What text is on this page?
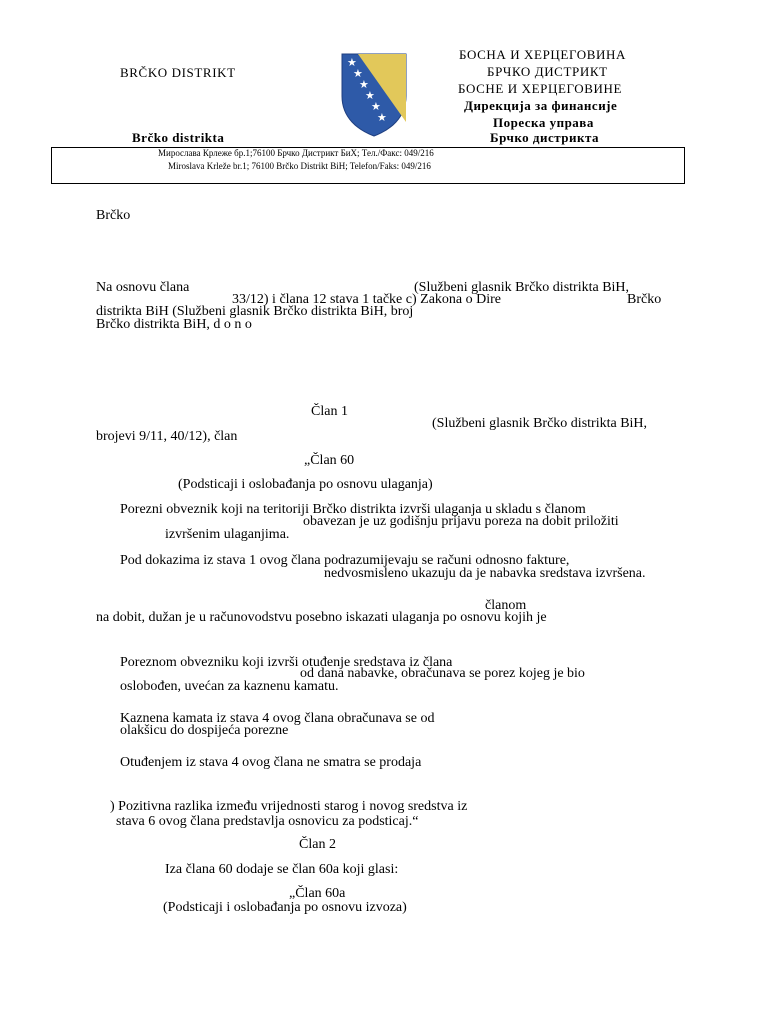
BRČKO DISTRIKT
Brčko distrikta
★
★
★
★
★
★
БОСНА И ХЕРЦЕГОВИНА
БРЧКО ДИСТРИКТ
БОСНЕ И ХЕРЦЕГОВИНЕ
Дирекција за финансије
Пореска управа
Брчко дистрикта
Мирослава Крлеже бр.1;76100 Брчко Дистрикт БиХ; Тел./Факс: 049/216
Miroslava Krleže br.1; 76100 Brčko Distrikt BiH; Telefon/Faks: 049/216
Brčko
Na osnovu člana	(Službeni glasnik Brčko distrikta BiH,
33/12) i člana 12 stava 1 tačke c) Zakona o Dire	Brčko
distrikta BiH (Službeni glasnik Brčko distrikta BiH, broj
Brčko distrikta BiH, d o n o
Član 1
(Službeni glasnik Brčko distrikta BiH,
brojevi 9/11, 40/12), član
„Član 60
(Podsticaji i oslobađanja po osnovu ulaganja)
Porezni obveznik koji na teritoriji Brčko distrikta izvrši ulaganja u skladu s članom
obavezan je uz godišnju prijavu poreza na dobit priložiti
izvršenim ulaganjima.
Pod dokazima iz stava 1 ovog člana podrazumijevaju se računi odnosno fakture,
nedvosmisleno ukazuju da je nabavka sredstava izvršena.
članom
na dobit, dužan je u računovodstvu posebno iskazati ulaganja po osnovu kojih je
Poreznom obvezniku koji izvrši otuđenje sredstava iz člana
od dana nabavke, obračunava se porez kojeg je bio
oslobođen, uvećan za kaznenu kamatu.
Kaznena kamata iz stava 4 ovog člana obračunava se od
olakšicu do dospijeća porezne
Otuđenjem iz stava 4 ovog člana ne smatra se prodaja
) Pozitivna razlika između vrijednosti starog i novog sredstva iz
stava 6 ovog člana predstavlja osnovicu za podsticaj.“
Član 2
Iza člana 60 dodaje se član 60a koji glasi:
„Član 60a
(Podsticaji i oslobađanja po osnovu izvoza)
